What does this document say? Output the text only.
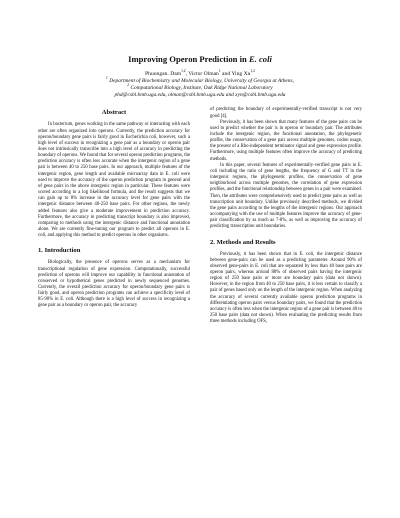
Improving Operon Prediction in E. coli
Phuongan. Dam$^{1,2}$, Victor Olman$^1$ and Ying Xu$^{1,2}$
$^1$ Department of Biochemistry and Molecular Biology, University of Georgia at Athens,
$^2$ Computational Biology, Institute, Oak Ridge National Laboratory
phd@csbl.bmb.uga.edu, olman@csbl.bmb.uga.edu and xyn@csbl.bmb.uga.edu
Abstract

In bacterium, genes working in the same pathway or interacting with each other are often organized into operons. Currently, the prediction accuracy for operon/boundary gene pairs is fairly good in Escherichia coli, however, such a high level of success in recognizing a gene pair as a boundary or operon pair does not intrinsically transcribe into a high level of accuracy in predicting the boundary of operons. We found that for several operon prediction programs, the prediction accuracy is often less accurate when the intergenic region of a gene pair is between 40 to 250 base pairs. In our approach, multiple features of the intergenic region, gene length and available microarray data in E. coli were used to improve the accuracy of the operon prediction program in general and of gene pairs in the above intergenic region in particular. These features were scored according to a log likelihood formula, and the result suggests that we can gain up to 8% increase in the accuracy level for gene pairs with the intergenic distance between 40-250 base pairs. For other regions, the newly added features also give a moderate improvement in prediction accuracy. Furthermore, the accuracy in predicting transcript boundary is also improved, comparing to methods using the intergenic distance and functional annotation alone. We are currently fine-tuning our program to predict all operons in E. coli, and applying this method to predict operons in other organisms.

1. Introduction

Biologically, the presence of operons serves as a mechanism for transcriptional regulation of gene expression. Computationally, successful prediction of operons will improve our capability in functional annotation of conserved or hypothetical genes predicted in newly sequenced genomes. Currently, the overall prediction accuracy for operon/boundary gene pairs is fairly good, and operon prediction programs can achieve a specificity level of 85-90% in E. coli. Although there is a high level of success in recognizing a gene pair as a boundary or operon pair, the accuracy

of predicting the boundary of experimentally-verified transcript is not very good [4].

Previously, it has been shown that many features of the gene pairs can be used to predict whether the pair is in operon or boundary pair. The attributes include the intergenic region, the functional annotation, the phylogenetic profile, the conservation of a gene pair across multiple genomes, codon usage, the present of a Rho-independent terminator signal and gene expression profile. Furthermore, using multiple features often improve the accuracy of predicting methods.

In this paper, several features of experimentally-verified gene pairs in E. coli including the ratio of gene lengths, the frequency of G and TT in the intergenic regions, the phylogenetic profiles, the conservation of gene neighborhood across multiple genomes, the correlation of gene expression profiles, and the functional relationship between genes in a pair were examined. Then, the attributes were comprehensively used to predict gene pairs as well as transcription unit boundary. Unlike previously described methods, we divided the gene pairs according to the lengths of the intergenic regions. Our approach accompanying with the use of multiple features improve the accuracy of gene-pair classification by as much as 7-8%, as well as improving the accuracy of predicting transcription unit boundaries.

2. Methods and Results

Previously, it has been shown that in E. coli, the intergenic distance between gene-pairs can be used as a predicting parameter. Around 90% of observed gene-pairs in E. coli that are separated by less than 40 base pairs are operon pairs, whereas around 88% of observed pairs having the intergenic region of 250 base pairs or more are boundary pairs (data not shown). However, in the region from 40 to 250 base pairs, it is less certain to classify a pair of genes based only on the length of the intergenic region. When analyzing the accuracy of several currently available operon prediction programs in differentiating operon pairs versus boundary pairs, we found that the prediction accuracy is often less when the intergenic region of a gene pair is between 40 to 250 base pairs (data not shown). When evaluating the predicting results from three methods including OFS,
